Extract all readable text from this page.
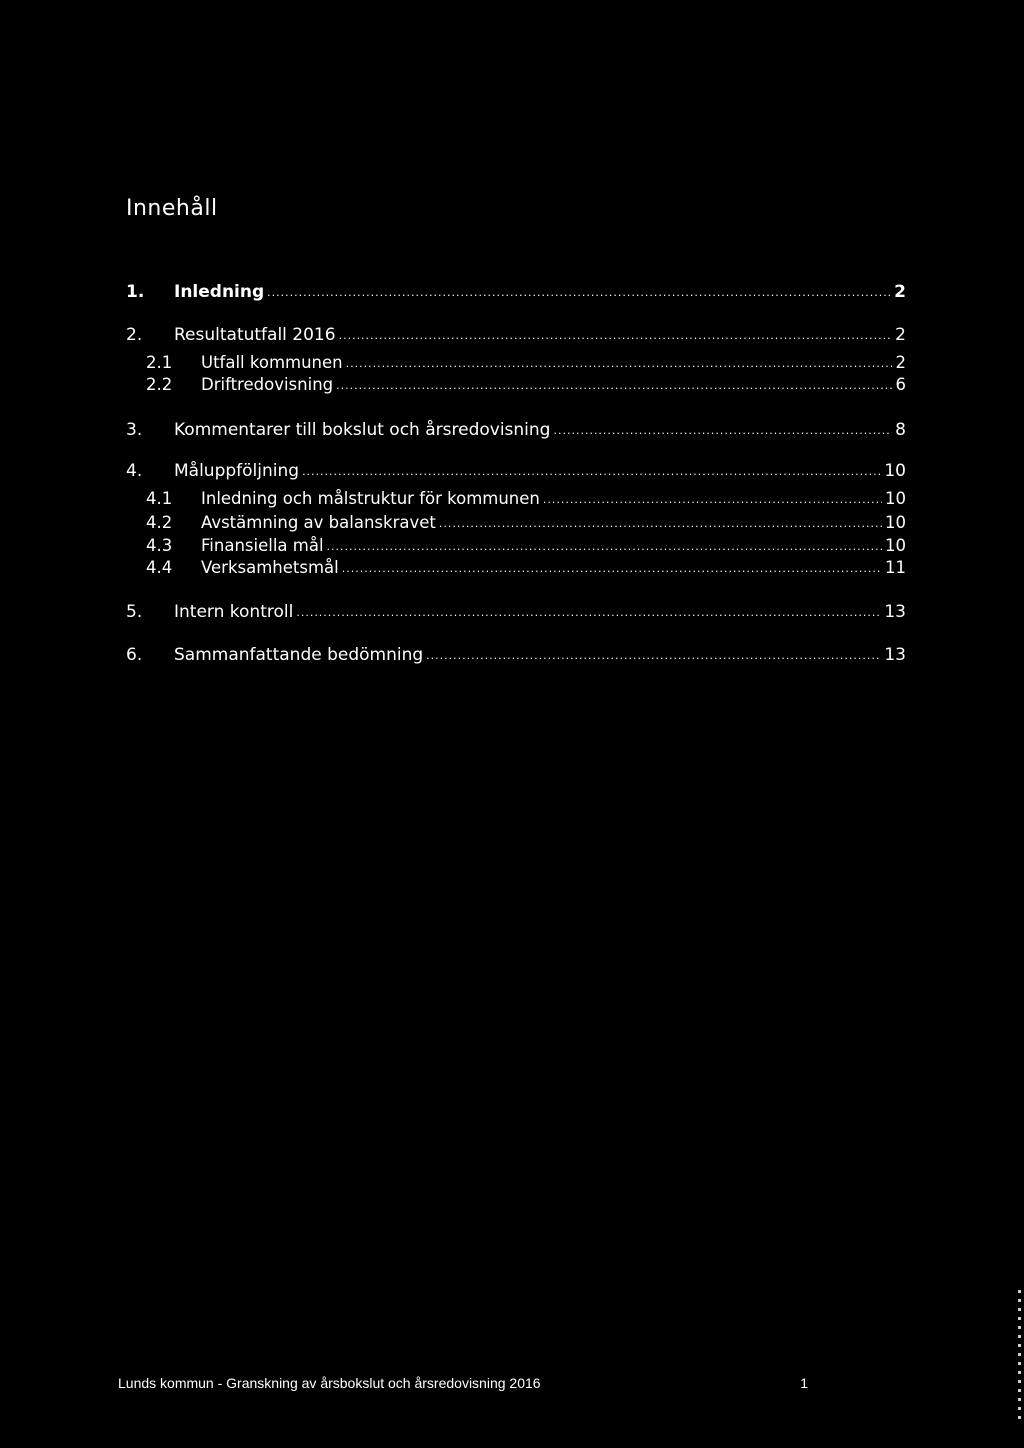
Innehåll
1.	Inledning .....	2
2.	Resultatutfall 2016 .....	2
2.1	Utfall kommunen .....	2
2.2	Driftredovisning .....	6
3.	Kommentarer till bokslut och årsredovisning .....	8
4.	Måluppföljning .....	10
4.1	Inledning och målstruktur för kommunen .....	10
4.2	Avstämning av balanskravet .....	10
4.3	Finansiella mål .....	10
4.4	Verksamhetsmål .....	11
5.	Intern kontroll .....	13
6.	Sammanfattande bedömning .....	13
Lunds kommun - Granskning av årsbokslut och årsredovisning 2016	1
